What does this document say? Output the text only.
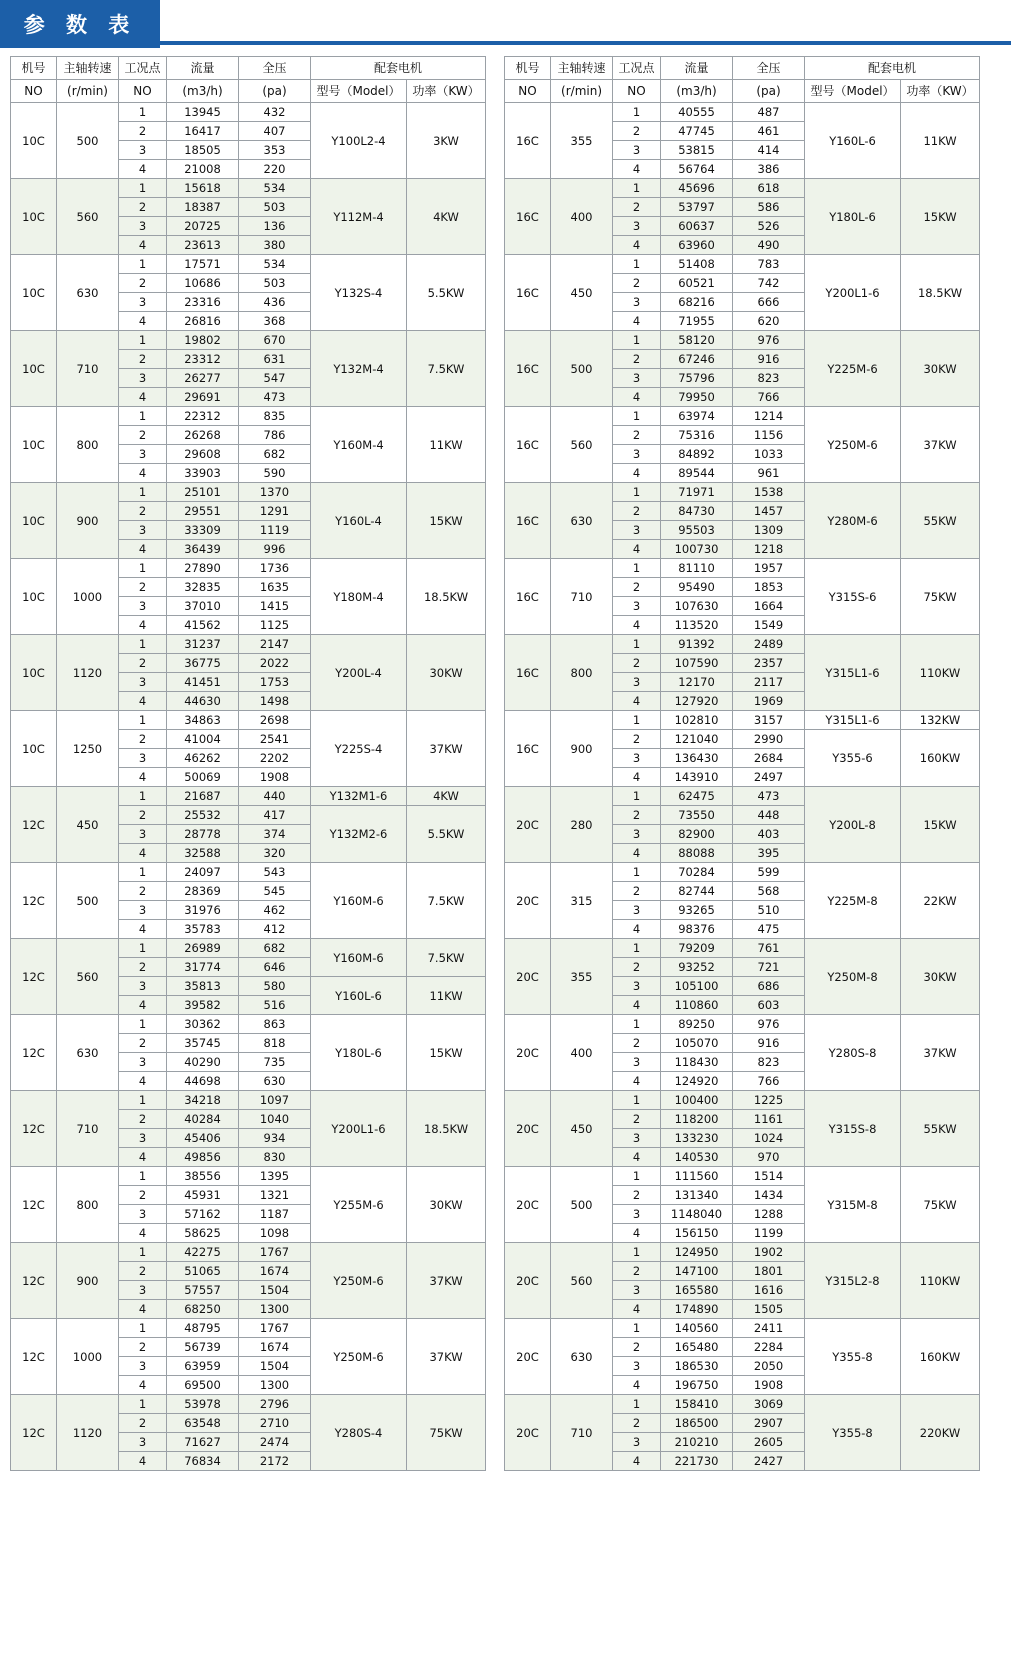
参 数 表
机号	主轴转速	工况点	流量	全压	配套电机	
NO	(r/min)	NO	(m3/h)	(pa)	型号（Model）	功率（KW）
10C	500	1	13945	432	Y100L2-4	3KW
		2	16417	407		
		3	18505	353		
		4	21008	220		
10C	560	1	15618	534	Y112M-4	4KW
		2	18387	503		
		3	20725	136		
		4	23613	380		
10C	630	1	17571	534	Y132S-4	5.5KW
		2	10686	503		
		3	23316	436		
		4	26816	368		
10C	710	1	19802	670	Y132M-4	7.5KW
		2	23312	631		
		3	26277	547		
		4	29691	473		
10C	800	1	22312	835	Y160M-4	11KW
		2	26268	786		
		3	29608	682		
		4	33903	590		
10C	900	1	25101	1370	Y160L-4	15KW
		2	29551	1291		
		3	33309	1119		
		4	36439	996		
10C	1000	1	27890	1736	Y180M-4	18.5KW
		2	32835	1635		
		3	37010	1415		
		4	41562	1125		
10C	1120	1	31237	2147	Y200L-4	30KW
		2	36775	2022		
		3	41451	1753		
		4	44630	1498		
10C	1250	1	34863	2698	Y225S-4	37KW
		2	41004	2541		
		3	46262	2202		
		4	50069	1908		
12C	450	1	21687	440	Y132M1-6	4KW
		2	25532	417	Y132M2-6	5.5KW
		3	28778	374		
		4	32588	320		
12C	500	1	24097	543	Y160M-6	7.5KW
		2	28369	545		
		3	31976	462		
		4	35783	412		
12C	560	1	26989	682	Y160M-6	7.5KW
		2	31774	646		
		3	35813	580	Y160L-6	11KW
		4	39582	516		
12C	630	1	30362	863	Y180L-6	15KW
		2	35745	818		
		3	40290	735		
		4	44698	630		
12C	710	1	34218	1097	Y200L1-6	18.5KW
		2	40284	1040		
		3	45406	934		
		4	49856	830		
12C	800	1	38556	1395	Y255M-6	30KW
		2	45931	1321		
		3	57162	1187		
		4	58625	1098		
12C	900	1	42275	1767	Y250M-6	37KW
		2	51065	1674		
		3	57557	1504		
		4	68250	1300		
12C	1000	1	48795	1767	Y250M-6	37KW
		2	56739	1674		
		3	63959	1504		
		4	69500	1300		
12C	1120	1	53978	2796	Y280S-4	75KW
		2	63548	2710		
		3	71627	2474		
		4	76834	2172		
机号	主轴转速	工况点	流量	全压	配套电机	
NO	(r/min)	NO	(m3/h)	(pa)	型号（Model）	功率（KW）
16C	355	1	40555	487	Y160L-6	11KW
		2	47745	461		
		3	53815	414		
		4	56764	386		
16C	400	1	45696	618	Y180L-6	15KW
		2	53797	586		
		3	60637	526		
		4	63960	490		
16C	450	1	51408	783	Y200L1-6	18.5KW
		2	60521	742		
		3	68216	666		
		4	71955	620		
16C	500	1	58120	976	Y225M-6	30KW
		2	67246	916		
		3	75796	823		
		4	79950	766		
16C	560	1	63974	1214	Y250M-6	37KW
		2	75316	1156		
		3	84892	1033		
		4	89544	961		
16C	630	1	71971	1538	Y280M-6	55KW
		2	84730	1457		
		3	95503	1309		
		4	100730	1218		
16C	710	1	81110	1957	Y315S-6	75KW
		2	95490	1853		
		3	107630	1664		
		4	113520	1549		
16C	800	1	91392	2489	Y315L1-6	110KW
		2	107590	2357		
		3	12170	2117		
		4	127920	1969		
16C	900	1	102810	3157	Y315L1-6	132KW
		2	121040	2990	Y355-6	160KW
		3	136430	2684		
		4	143910	2497		
20C	280	1	62475	473	Y200L-8	15KW
		2	73550	448		
		3	82900	403		
		4	88088	395		
20C	315	1	70284	599	Y225M-8	22KW
		2	82744	568		
		3	93265	510		
		4	98376	475		
20C	355	1	79209	761	Y250M-8	30KW
		2	93252	721		
		3	105100	686		
		4	110860	603		
20C	400	1	89250	976	Y280S-8	37KW
		2	105070	916		
		3	118430	823		
		4	124920	766		
20C	450	1	100400	1225	Y315S-8	55KW
		2	118200	1161		
		3	133230	1024		
		4	140530	970		
20C	500	1	111560	1514	Y315M-8	75KW
		2	131340	1434		
		3	1148040	1288		
		4	156150	1199		
20C	560	1	124950	1902	Y315L2-8	110KW
		2	147100	1801		
		3	165580	1616		
		4	174890	1505		
20C	630	1	140560	2411	Y355-8	160KW
		2	165480	2284		
		3	186530	2050		
		4	196750	1908		
20C	710	1	158410	3069	Y355-8	220KW
		2	186500	2907		
		3	210210	2605		
		4	221730	2427		
